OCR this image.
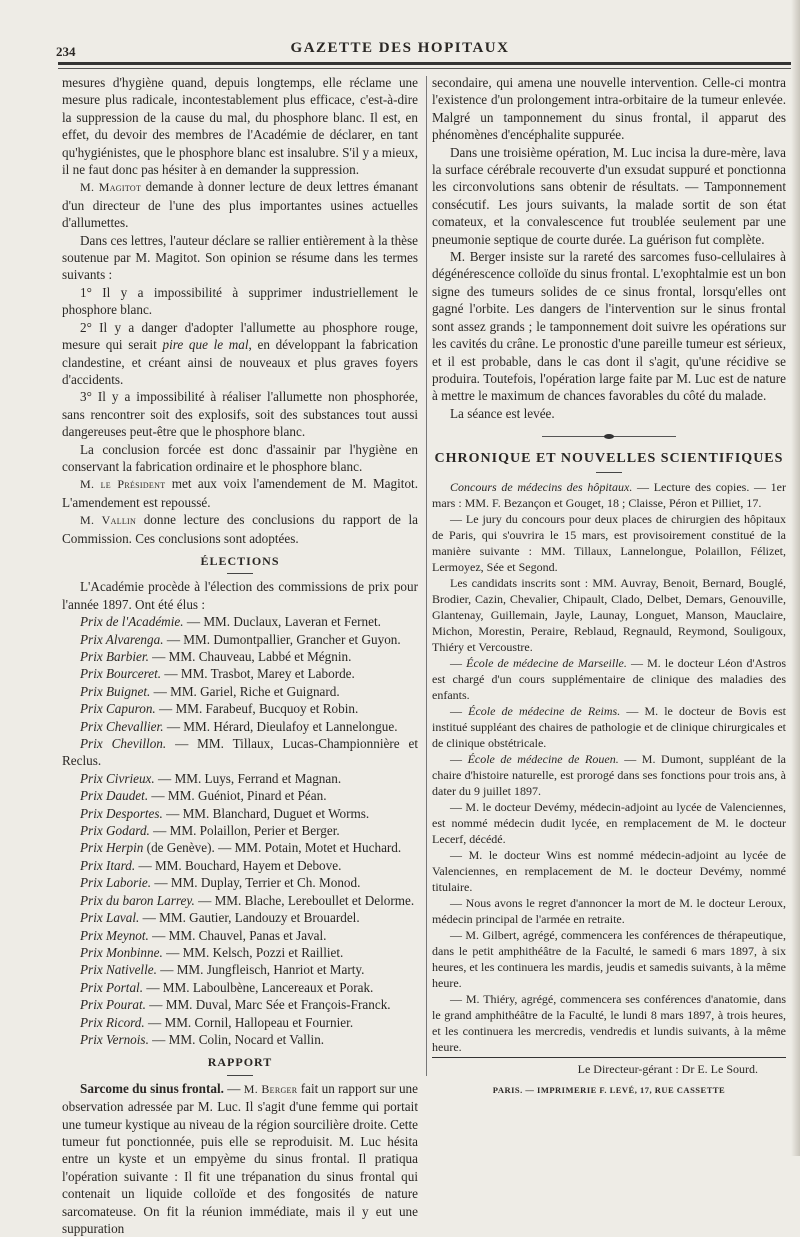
234	GAZETTE DES HOPITAUX

mesures d'hygiène quand, depuis longtemps, elle réclame une mesure plus radicale, incontestablement plus efficace, c'est-à-dire la suppression de la cause du mal, du phosphore blanc. Il est, en effet, du devoir des membres de l'Académie de déclarer, en tant qu'hygiénistes, que le phosphore blanc est insalubre. S'il y a mieux, il ne faut donc pas hésiter à en demander la suppression.

M. Magitot demande à donner lecture de deux lettres émanant d'un directeur de l'une des plus importantes usines actuelles d'allumettes.

Dans ces lettres, l'auteur déclare se rallier entièrement à la thèse soutenue par M. Magitot. Son opinion se résume dans les termes suivants :

1° Il y a impossibilité à supprimer industriellement le phosphore blanc.

2° Il y a danger d'adopter l'allumette au phosphore rouge, mesure qui serait pire que le mal, en développant la fabrication clandestine, et créant ainsi de nouveaux et plus graves foyers d'accidents.

3° Il y a impossibilité à réaliser l'allumette non phosphorée, sans rencontrer soit des explosifs, soit des substances tout aussi dangereuses peut-être que le phosphore blanc.

La conclusion forcée est donc d'assainir par l'hygiène en conservant la fabrication ordinaire et le phosphore blanc.

M. le Président met aux voix l'amendement de M. Magitot. L'amendement est repoussé.

M. Vallin donne lecture des conclusions du rapport de la Commission. Ces conclusions sont adoptées.

ÉLECTIONS

L'Académie procède à l'élection des commissions de prix pour l'année 1897. Ont été élus :

Prix de l'Académie. — MM. Duclaux, Laveran et Fernet.

Prix Alvarenga. — MM. Dumontpallier, Grancher et Guyon.

Prix Barbier. — MM. Chauveau, Labbé et Mégnin.

Prix Bourceret. — MM. Trasbot, Marey et Laborde.

Prix Buignet. — MM. Gariel, Riche et Guignard.

Prix Capuron. — MM. Farabeuf, Bucquoy et Robin.

Prix Chevallier. — MM. Hérard, Dieulafoy et Lannelongue.

Prix Chevillon. — MM. Tillaux, Lucas-Championnière et Reclus.

Prix Civrieux. — MM. Luys, Ferrand et Magnan.

Prix Daudet. — MM. Guéniot, Pinard et Péan.

Prix Desportes. — MM. Blanchard, Duguet et Worms.

Prix Godard. — MM. Polaillon, Perier et Berger.

Prix Herpin (de Genève). — MM. Potain, Motet et Huchard.

Prix Itard. — MM. Bouchard, Hayem et Debove.

Prix Laborie. — MM. Duplay, Terrier et Ch. Monod.

Prix du baron Larrey. — MM. Blache, Lereboullet et Delorme.

Prix Laval. — MM. Gautier, Landouzy et Brouardel.

Prix Meynot. — MM. Chauvel, Panas et Javal.

Prix Monbinne. — MM. Kelsch, Pozzi et Railliet.

Prix Nativelle. — MM. Jungfleisch, Hanriot et Marty.

Prix Portal. — MM. Laboulbène, Lancereaux et Porak.

Prix Pourat. — MM. Duval, Marc Sée et François-Franck.

Prix Ricord. — MM. Cornil, Hallopeau et Fournier.

Prix Vernois. — MM. Colin, Nocard et Vallin.

RAPPORT

Sarcome du sinus frontal. — M. Berger fait un rapport sur une observation adressée par M. Luc. Il s'agit d'une femme qui portait une tumeur kystique au niveau de la région sourcilière droite. Cette tumeur fut ponctionnée, puis elle se reproduisit. M. Luc hésita entre un kyste et un empyème du sinus frontal. Il pratiqua l'opération suivante : Il fit une trépanation du sinus frontal qui contenait un liquide colloïde et des fongosités de nature sarcomateuse. On fit la réunion immédiate, mais il y eut une suppuration

secondaire, qui amena une nouvelle intervention. Celle-ci montra l'existence d'un prolongement intra-orbitaire de la tumeur enlevée. Malgré un tamponnement du sinus frontal, il apparut des phénomènes d'encéphalite suppurée.

Dans une troisième opération, M. Luc incisa la dure-mère, lava la surface cérébrale recouverte d'un exsudat suppuré et ponctionna les circonvolutions sans obtenir de résultats. — Tamponnement consécutif. Les jours suivants, la malade sortit de son état comateux, et la convalescence fut troublée seulement par une pneumonie septique de courte durée. La guérison fut complète.

M. Berger insiste sur la rareté des sarcomes fuso-cellulaires à dégénérescence colloïde du sinus frontal. L'exophtalmie est un bon signe des tumeurs solides de ce sinus frontal, lorsqu'elles ont gagné l'orbite. Les dangers de l'intervention sur le sinus frontal sont assez grands ; le tamponnement doit suivre les opérations sur les cavités du crâne. Le pronostic d'une pareille tumeur est sérieux, et il est probable, dans le cas dont il s'agit, qu'une récidive se produira. Toutefois, l'opération large faite par M. Luc est de nature à mettre le maximum de chances favorables du côté du malade.

La séance est levée.

CHRONIQUE ET NOUVELLES SCIENTIFIQUES

Concours de médecins des hôpitaux. — Lecture des copies. — 1er mars : MM. F. Bezançon et Gouget, 18 ; Claisse, Péron et Pilliet, 17.

— Le jury du concours pour deux places de chirurgien des hôpitaux de Paris, qui s'ouvrira le 15 mars, est provisoirement constitué de la manière suivante : MM. Tillaux, Lannelongue, Polaillon, Félizet, Lermoyez, Sée et Segond.

Les candidats inscrits sont : MM. Auvray, Benoit, Bernard, Bouglé, Brodier, Cazin, Chevalier, Chipault, Clado, Delbet, Demars, Genouville, Glantenay, Guillemain, Jayle, Launay, Longuet, Manson, Mauclaire, Michon, Morestin, Peraire, Reblaud, Regnauld, Reymond, Souligoux, Thiéry et Vercoustre.

— École de médecine de Marseille. — M. le docteur Léon d'Astros est chargé d'un cours supplémentaire de clinique des maladies des enfants.

— École de médecine de Reims. — M. le docteur de Bovis est institué suppléant des chaires de pathologie et de clinique chirurgicales et de clinique obstétricale.

— École de médecine de Rouen. — M. Dumont, suppléant de la chaire d'histoire naturelle, est prorogé dans ses fonctions pour trois ans, à dater du 9 juillet 1897.

— M. le docteur Devémy, médecin-adjoint au lycée de Valenciennes, est nommé médecin dudit lycée, en remplacement de M. le docteur Lecerf, décédé.

— M. le docteur Wins est nommé médecin-adjoint au lycée de Valenciennes, en remplacement de M. le docteur Devémy, nommé titulaire.

— Nous avons le regret d'annoncer la mort de M. le docteur Leroux, médecin principal de l'armée en retraite.

— M. Gilbert, agrégé, commencera les conférences de thérapeutique, dans le petit amphithéâtre de la Faculté, le samedi 6 mars 1897, à six heures, et les continuera les mardis, jeudis et samedis suivants, à la même heure.

— M. Thiéry, agrégé, commencera ses conférences d'anatomie, dans le grand amphithéâtre de la Faculté, le lundi 8 mars 1897, à trois heures, et les continuera les mercredis, vendredis et lundis suivants, à la même heure.

Le Directeur-gérant : Dr E. Le Sourd.
PARIS. — IMPRIMERIE F. LEVÉ, 17, RUE CASSETTE
